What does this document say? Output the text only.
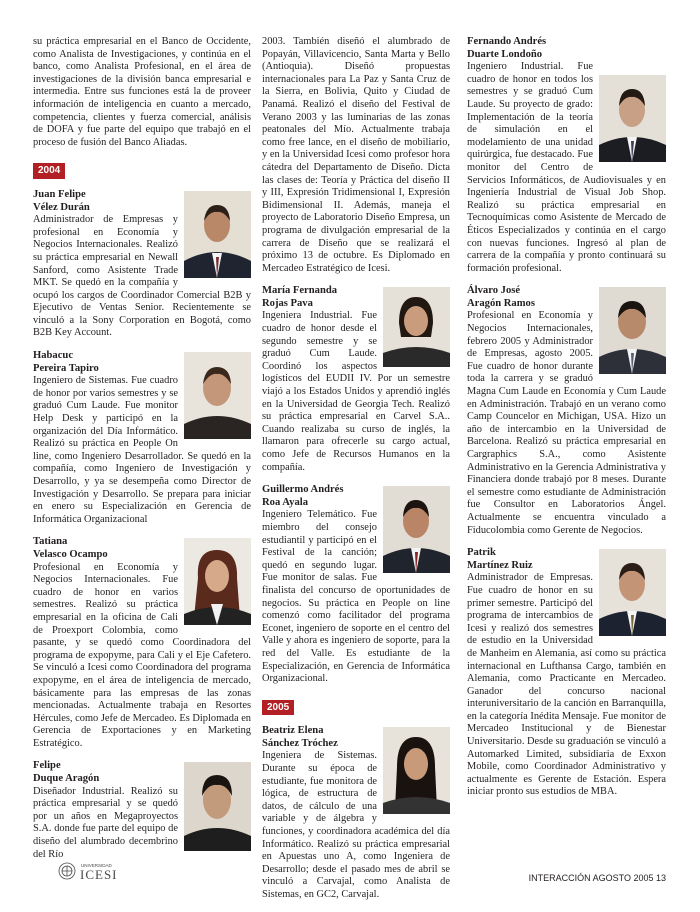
su práctica empresarial en el Banco de Occidente, como Analista de Investigaciones, y continúa en el banco, como Analista Profesional, en el área de investigaciones de la división banca empresarial e intermedia. Entre sus funciones está la de proveer información de inteligencia en cuanto a mercado, competencia, clientes y fuerza comercial, análisis de DOFA y fue parte del equipo que trabajó en el proceso de fusión del Banco Aliadas.

2004

Juan Felipe
Vélez Durán

Administrador de Empresas y profesional en Economía y Negocios Internacionales. Realizó su práctica empresarial en Newall Sanford, como Asistente Trade MKT. Se quedó en la compañía y ocupó los cargos de Coordinador Comercial B2B y Ejecutivo de Ventas Senior. Recientemente se vinculó a la Sony Corporation en Bogotá, como B2B Key Account.

Habacuc
Pereira Tapiro

Ingeniero de Sistemas. Fue cuadro de honor por varios semestres y se graduó Cum Laude. Fue monitor Help Desk y participó en la organización del Día Informático. Realizó su práctica en People On line, como Ingeniero Desarrollador. Se quedó en la compañía, como Ingeniero de Investigación y Desarrollo, y ya se desempeña como Director de Investigación y Desarrollo. Se prepara para iniciar en enero su Especialización en Gerencia de Informática Organizacional

Tatiana
Velasco Ocampo

Profesional en Economía y Negocios Internacionales. Fue cuadro de honor en varios semestres. Realizó su práctica empresarial en la oficina de Cali de Proexport Colombia, como pasante, y se quedó como Coordinadora del programa de expopyme, para Cali y el Eje Cafetero. Se vinculó a Icesi como Coordinadora del programa expopyme, en el área de inteligencia de mercado, básicamente para las empresas de las zonas mencionadas. Actualmente trabaja en Resortes Hércules, como Jefe de Mercadeo. Es Diplomada en Gerencia de Exportaciones y en Marketing Estratégico.

Felipe
Duque Aragón

Diseñador Industrial. Realizó su práctica empresarial y se quedó por un años en Megaproyectos S.A. donde fue parte del equipo de diseño del alumbrado decembrino del Río

2003. También diseñó el alumbrado de Popayán, Villavicencio, Santa Marta y Bello (Antioquia). Diseñó propuestas internacionales para La Paz y Santa Cruz de la Sierra, en Bolivia, Quito y Ciudad de Panamá. Realizó el diseño del Festival de Verano 2003 y las luminarias de las zonas peatonales del Mío. Actualmente trabaja como free lance, en el diseño de mobiliario, y en la Universidad Icesi como profesor hora cátedra del Departamento de Diseño. Dicta las clases de: Teoría y Práctica del diseño II y III, Expresión Tridimensional I, Expresión Bidimensional II. Además, maneja el proyecto de Laboratorio Diseño Empresa, un programa de divulgación empresarial de la carrera de Diseño que se realizará el próximo 13 de octubre. Es Diplomado en Mercadeo Estratégico de Icesi.

María Fernanda
Rojas Pava

Ingeniera Industrial. Fue cuadro de honor desde el segundo semestre y se graduó Cum Laude. Coordinó los aspectos logísticos del EUDII IV. Por un semestre viajó a los Estados Unidos y aprendió inglés en la Universidad de Georgia Tech. Realizó su práctica empresarial en Carvel S.A.. Cuando realizaba su curso de inglés, la llamaron para ofrecerle su cargo actual, como Jefe de Recursos Humanos en la compañía.

Guillermo Andrés
Roa Ayala

Ingeniero Telemático. Fue miembro del consejo estudiantil y participó en el Festival de la canción; quedó en segundo lugar. Fue monitor de salas. Fue finalista del concurso de oportunidades de negocios. Su práctica en People on line comenzó como facilitador del programa Econet, ingeniero de soporte en el centro del Valle y ahora es ingeniero de soporte, para la red del Valle. Es estudiante de la Especialización, en Gerencia de Informática Organizacional.

2005

Beatriz Elena
Sánchez Tróchez

Ingeniera de Sistemas. Durante su época de estudiante, fue monitora de lógica, de estructura de datos, de cálculo de una variable y de álgebra y funciones, y coordinadora académica del día Informático. Realizó su práctica empresarial en Apuestas uno A, como Ingeniera de Desarrollo; desde el pasado mes de abril se vinculó a Carvajal, como Analista de Sistemas, en GC2, Carvajal.

Fernando Andrés
Duarte Londoño

Ingeniero Industrial. Fue cuadro de honor en todos los semestres y se graduó Cum Laude. Su proyecto de grado: Implementación de la teoría de simulación en el modelamiento de una unidad quirúrgica, fue destacado. Fue monitor del Centro de Servicios Informáticos, de Audiovisuales y en Ingeniería Industrial de Visual Job Shop. Realizó su práctica empresarial en Tecnoquímicas como Asistente de Mercado de Éticos Especializados y continúa en el cargo con nuevas funciones. Ingresó al plan de carrera de la compañía y pronto continuará su formación profesional.

Álvaro José
Aragón Ramos

Profesional en Economía y Negocios Internacionales, febrero 2005 y Administrador de Empresas, agosto 2005. Fue cuadro de honor durante toda la carrera y se graduó Magna Cum Laude en Economía y Cum Laude en Administración. Trabajó en un verano como Camp Councelor en Michigan, USA. Hizo un año de intercambio en la Universidad de Barcelona. Realizó su práctica empresarial en Cargraphics S.A., como Asistente Administrativo en la Gerencia Administrativa y Financiera donde trabajó por 8 meses. Durante el semestre como estudiante de Administración fue Consultor en Laboratorios Ángel. Actualmente se encuentra vinculado a Fiducolombia como Gerente de Negocios.

Patrik
Martínez Ruiz

Administrador de Empresas. Fue cuadro de honor en su primer semestre. Participó del programa de intercambios de Icesi y realizó dos semestres de estudio en la Universidad de Manheim en Alemania, así como su práctica internacional en Lufthansa Cargo, también en Alemania, como Practicante en Mercadeo. Ganador del concurso nacional interuniversitario de la canción en Barranquilla, en la categoría Inédita Mensaje. Fue monitor de Mercadeo Institucional y de Bienestar Universitario. Desde su graduación se vinculó a Automarked Limited, subsidiaria de Exxon Mobile, como Coordinador Administrativo y actualmente es Gerente de Estación. Espera iniciar pronto sus estudios de MBA.

UNIVERSIDAD
ICESI	INTERACCIÓN AGOSTO 2005 13
